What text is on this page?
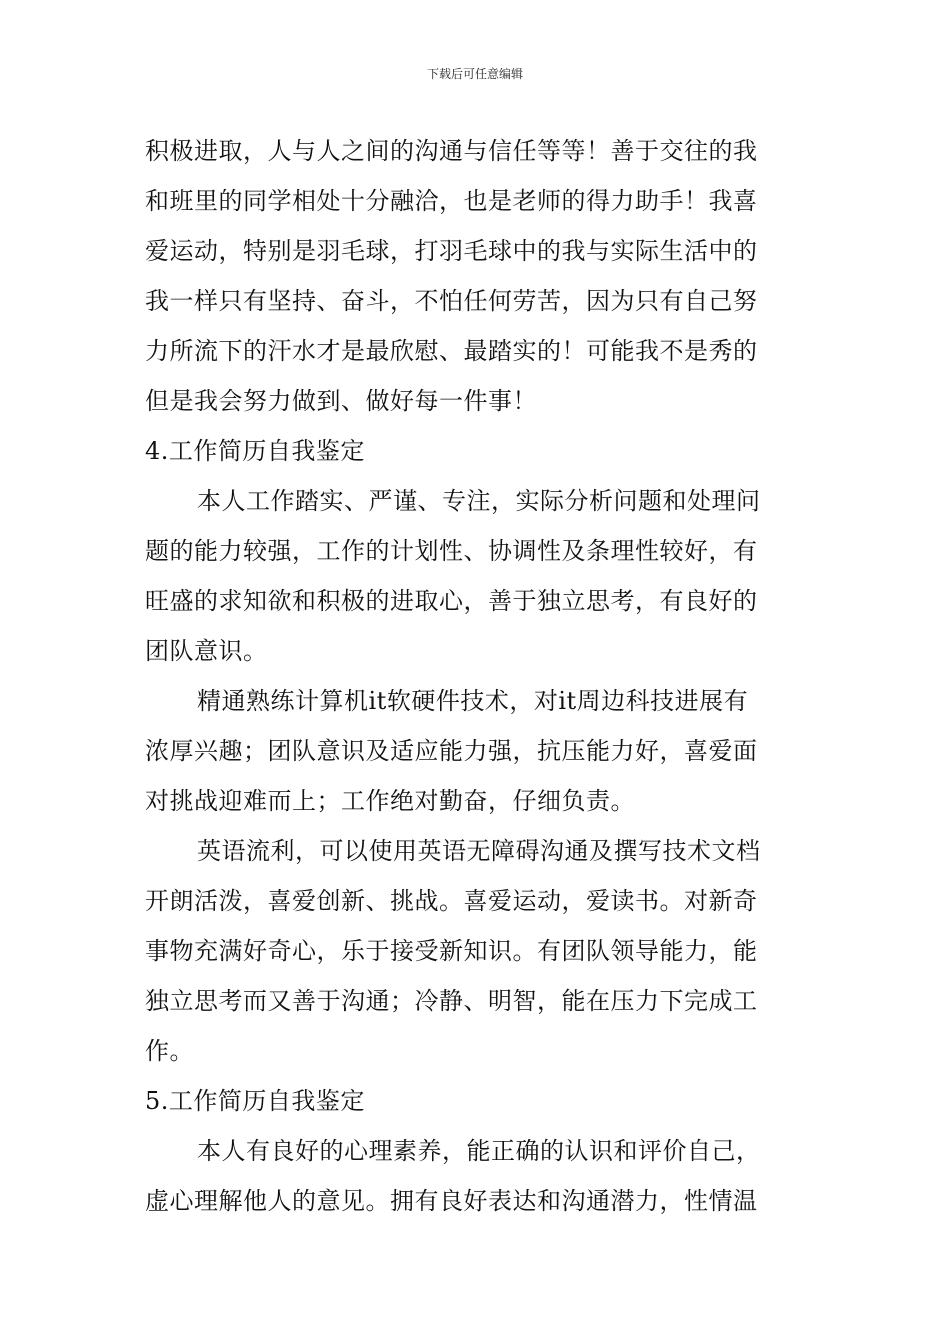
下载后可任意编辑
积极进取，人与人之间的沟通与信任等等！善于交往的我
和班里的同学相处十分融洽，也是老师的得力助手！我喜
爱运动，特别是羽毛球，打羽毛球中的我与实际生活中的
我一样只有坚持、奋斗，不怕任何劳苦，因为只有自己努
力所流下的汗水才是最欣慰、最踏实的！可能我不是秀的
但是我会努力做到、做好每一件事！
4.工作简历自我鉴定
本人工作踏实、严谨、专注，实际分析问题和处理问
题的能力较强，工作的计划性、协调性及条理性较好，有
旺盛的求知欲和积极的进取心，善于独立思考，有良好的
团队意识。
精通熟练计算机it软硬件技术，对it周边科技进展有
浓厚兴趣；团队意识及适应能力强，抗压能力好，喜爱面
对挑战迎难而上；工作绝对勤奋，仔细负责。
英语流利，可以使用英语无障碍沟通及撰写技术文档
开朗活泼，喜爱创新、挑战。喜爱运动，爱读书。对新奇
事物充满好奇心，乐于接受新知识。有团队领导能力，能
独立思考而又善于沟通；冷静、明智，能在压力下完成工
作。
5.工作简历自我鉴定
本人有良好的心理素养，能正确的认识和评价自己，
虚心理解他人的意见。拥有良好表达和沟通潜力，性情温
